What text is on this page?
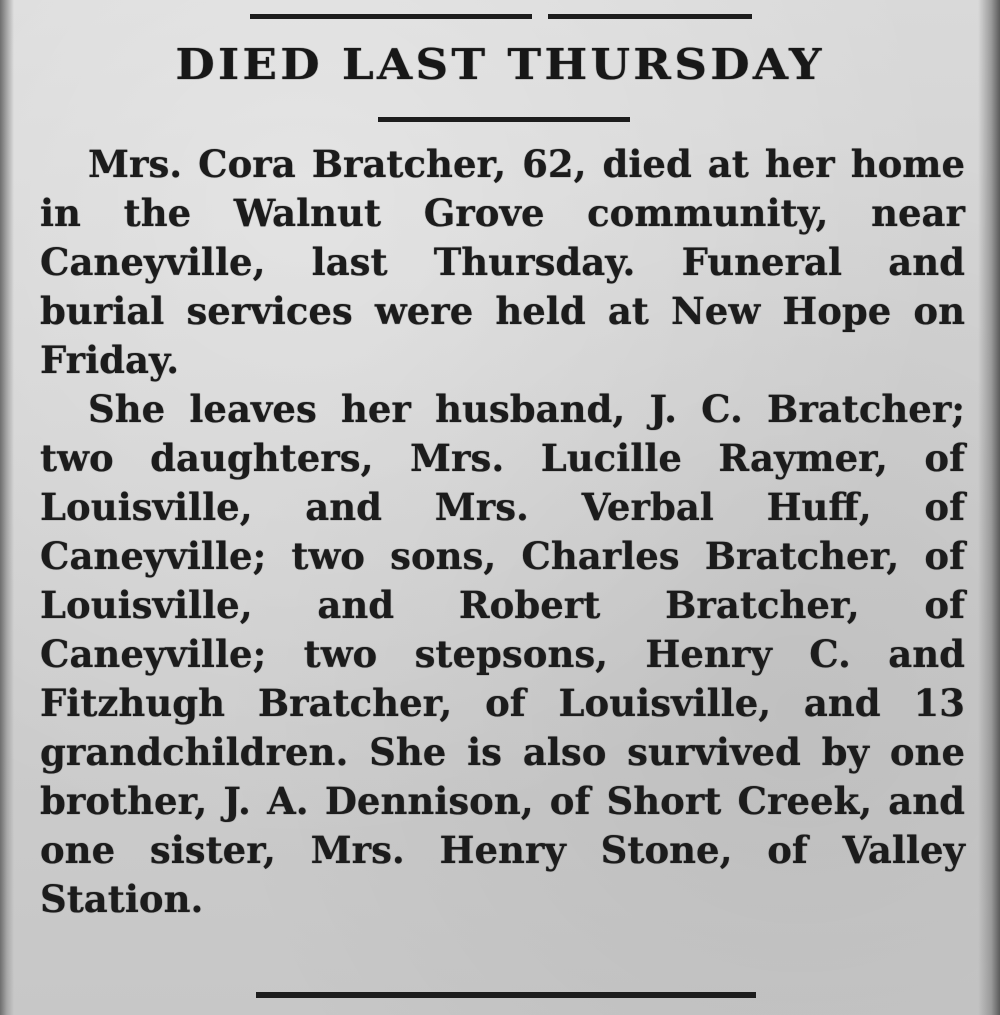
DIED LAST THURSDAY

Mrs. Cora Bratcher, 62, died at her home in the Walnut Grove community, near Caneyville, last Thursday. Funeral and burial services were held at New Hope on Friday.

She leaves her husband, J. C. Bratcher; two daughters, Mrs. Lucille Raymer, of Louisville, and Mrs. Verbal Huff, of Caneyville; two sons, Charles Bratcher, of Louisville, and Robert Bratcher, of Caneyville; two stepsons, Henry C. and Fitzhugh Bratcher, of Louisville, and 13 grandchildren. She is also survived by one brother, J. A. Dennison, of Short Creek, and one sister, Mrs. Henry Stone, of Valley Station.
